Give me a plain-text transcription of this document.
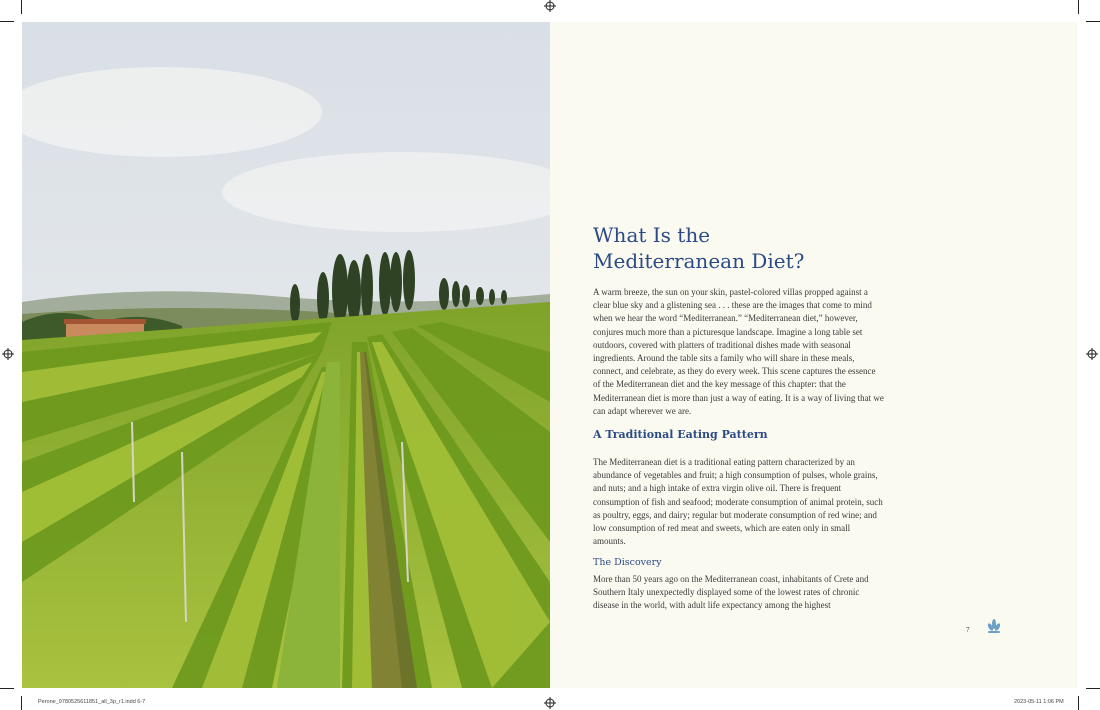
What Is the
Mediterranean Diet?

A warm breeze, the sun on your skin, pastel-colored villas propped against a clear blue sky and a glistening sea . . . these are the images that come to mind when we hear the word “Mediterranean.” “Mediterranean diet,” however, conjures much more than a picturesque landscape. Imagine a long table set outdoors, covered with platters of traditional dishes made with seasonal ingredients. Around the table sits a family who will share in these meals, connect, and celebrate, as they do every week. This scene captures the essence of the Mediterranean diet and the key message of this chapter: that the Mediterranean diet is more than just a way of eating. It is a way of living that we can adapt wherever we are.

A Traditional Eating Pattern

The Mediterranean diet is a traditional eating pattern characterized by an abundance of vegetables and fruit; a high consumption of pulses, whole grains, and nuts; and a high intake of extra virgin olive oil. There is frequent consumption of fish and seafood; moderate consumption of animal protein, such as poultry, eggs, and dairy; regular but moderate consumption of red wine; and low consumption of red meat and sweets, which are eaten only in small amounts.

The Discovery

More than 50 years ago on the Mediterranean coast, inhabitants of Crete and Southern Italy unexpectedly displayed some of the lowest rates of chronic disease in the world, with adult life expectancy among the highest

7
Perone_9780525611851_all_3p_r1.indd 6-7	2023-05-11 1:06 PM
